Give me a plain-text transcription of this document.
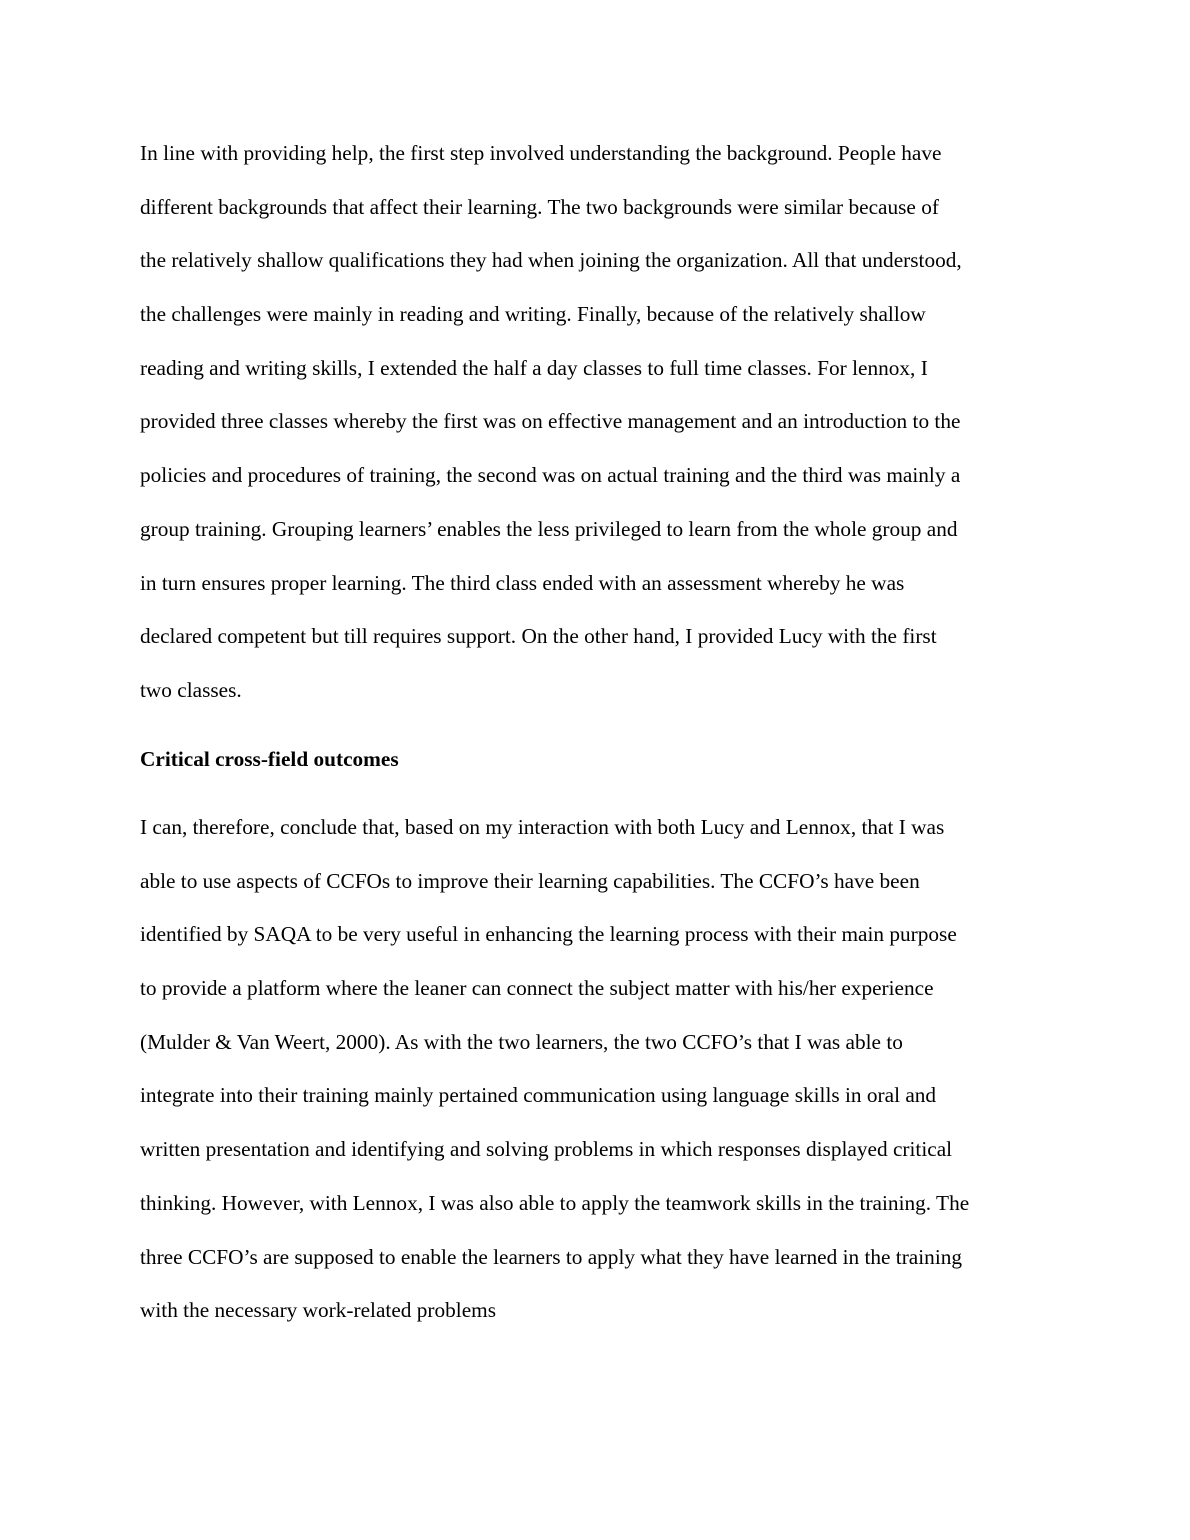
In line with providing help, the first step involved understanding the background. People have
different backgrounds that affect their learning. The two backgrounds were similar because of
the relatively shallow qualifications they had when joining the organization. All that understood,
the challenges were mainly in reading and writing. Finally, because of the relatively shallow
reading and writing skills, I extended the half a day classes to full time classes. For lennox, I
provided three classes whereby the first was on effective management and an introduction to the
policies and procedures of training, the second was on actual training and the third was mainly a
group training. Grouping learners’ enables the less privileged to learn from the whole group and
in turn ensures proper learning. The third class ended with an assessment whereby he was
declared competent but till requires support. On the other hand, I provided Lucy with the first
two classes.
Critical cross-field outcomes
I can, therefore, conclude that, based on my interaction with both Lucy and Lennox, that I was
able to use aspects of CCFOs to improve their learning capabilities. The CCFO’s have been
identified by SAQA to be very useful in enhancing the learning process with their main purpose
to provide a platform where the leaner can connect the subject matter with his/her experience
(Mulder & Van Weert, 2000). As with the two learners, the two CCFO’s that I was able to
integrate into their training mainly pertained communication using language skills in oral and
written presentation and identifying and solving problems in which responses displayed critical
thinking. However, with Lennox, I was also able to apply the teamwork skills in the training. The
three CCFO’s are supposed to enable the learners to apply what they have learned in the training
with the necessary work-related problems
